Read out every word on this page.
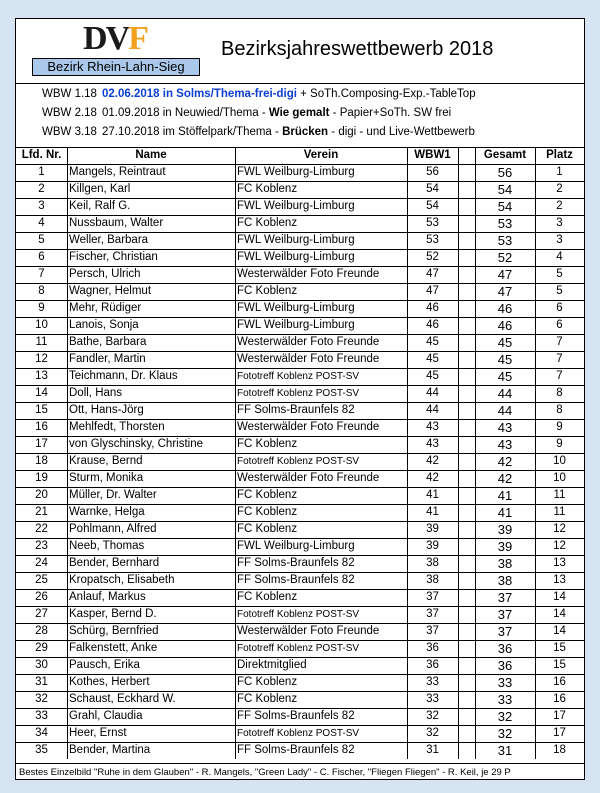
DVF
Bezirk Rhein-Lahn-Sieg
Bezirksjahreswettbewerb 2018
WBW 1.18 02.06.2018 in Solms/Thema-frei-digi + SoTh.Composing-Exp.-TableTop
WBW 2.18 01.09.2018 in Neuwied/Thema - Wie gemalt - Papier+SoTh. SW frei
WBW 3.18 27.10.2018 im Stöffelpark/Thema - Brücken - digi - und Live-Wettbewerb
Lfd. Nr.	Name	Verein	WBW1	Gesamt	Platz
1	Mangels, Reintraut	FWL Weilburg-Limburg	56	56	1
2	Killgen, Karl	FC Koblenz	54	54	2
3	Keil, Ralf G.	FWL Weilburg-Limburg	54	54	2
4	Nussbaum, Walter	FC Koblenz	53	53	3
5	Weller, Barbara	FWL Weilburg-Limburg	53	53	3
6	Fischer, Christian	FWL Weilburg-Limburg	52	52	4
7	Persch, Ulrich	Westerwälder Foto Freunde	47	47	5
8	Wagner, Helmut	FC Koblenz	47	47	5
9	Mehr, Rüdiger	FWL Weilburg-Limburg	46	46	6
10	Lanois, Sonja	FWL Weilburg-Limburg	46	46	6
11	Bathe, Barbara	Westerwälder Foto Freunde	45	45	7
12	Fandler, Martin	Westerwälder Foto Freunde	45	45	7
13	Teichmann, Dr. Klaus	Fototreff Koblenz POST-SV	45	45	7
14	Doll, Hans	Fototreff Koblenz POST-SV	44	44	8
15	Ott, Hans-Jörg	FF Solms-Braunfels 82	44	44	8
16	Mehlfedt, Thorsten	Westerwälder Foto Freunde	43	43	9
17	von Glyschinsky, Christine	FC Koblenz	43	43	9
18	Krause, Bernd	Fototreff Koblenz POST-SV	42	42	10
19	Sturm, Monika	Westerwälder Foto Freunde	42	42	10
20	Müller, Dr. Walter	FC Koblenz	41	41	11
21	Warnke, Helga	FC Koblenz	41	41	11
22	Pohlmann, Alfred	FC Koblenz	39	39	12
23	Neeb, Thomas	FWL Weilburg-Limburg	39	39	12
24	Bender, Bernhard	FF Solms-Braunfels 82	38	38	13
25	Kropatsch, Elisabeth	FF Solms-Braunfels 82	38	38	13
26	Anlauf, Markus	FC Koblenz	37	37	14
27	Kasper, Bernd D.	Fototreff Koblenz POST-SV	37	37	14
28	Schürg, Bernfried	Westerwälder Foto Freunde	37	37	14
29	Falkenstett, Anke	Fototreff Koblenz POST-SV	36	36	15
30	Pausch, Erika	Direktmitglied	36	36	15
31	Kothes, Herbert	FC Koblenz	33	33	16
32	Schaust, Eckhard W.	FC Koblenz	33	33	16
33	Grahl, Claudia	FF Solms-Braunfels 82	32	32	17
34	Heer, Ernst	Fototreff Koblenz POST-SV	32	32	17
35	Bender, Martina	FF Solms-Braunfels 82	31	31	18
Bestes Einzelbild "Ruhe in dem Glauben" - R. Mangels, "Green Lady" - C. Fischer, "Fliegen Fliegen" - R. Keil, je 29 P
